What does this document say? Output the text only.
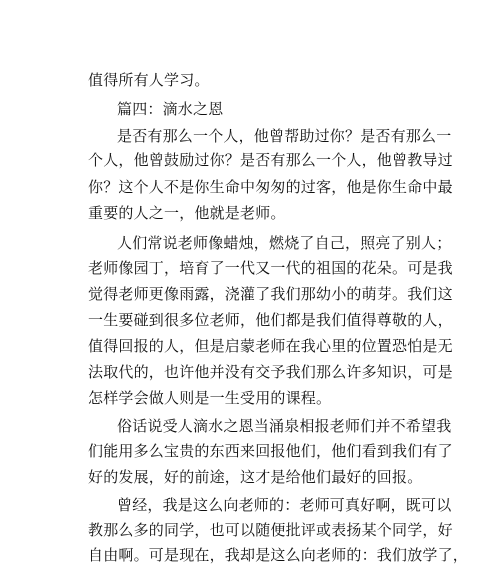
值得所有人学习。
篇四：滴水之恩
是否有那么一个人，他曾帮助过你？是否有那么一
个人，他曾鼓励过你？是否有那么一个人，他曾教导过
你？这个人不是你生命中匆匆的过客，他是你生命中最
重要的人之一，他就是老师。
人们常说老师像蜡烛，燃烧了自己，照亮了别人；
老师像园丁，培育了一代又一代的祖国的花朵。可是我
觉得老师更像雨露，浇灌了我们那幼小的萌芽。我们这
一生要碰到很多位老师，他们都是我们值得尊敬的人，
值得回报的人，但是启蒙老师在我心里的位置恐怕是无
法取代的，也许他并没有交予我们那么许多知识，可是
怎样学会做人则是一生受用的课程。
俗话说受人滴水之恩当涌泉相报老师们并不希望我
们能用多么宝贵的东西来回报他们，他们看到我们有了
好的发展，好的前途，这才是给他们最好的回报。
曾经，我是这么向老师的：老师可真好啊，既可以
教那么多的同学，也可以随便批评或表扬某个同学，好
自由啊。可是现在，我却是这么向老师的：我们放学了，
